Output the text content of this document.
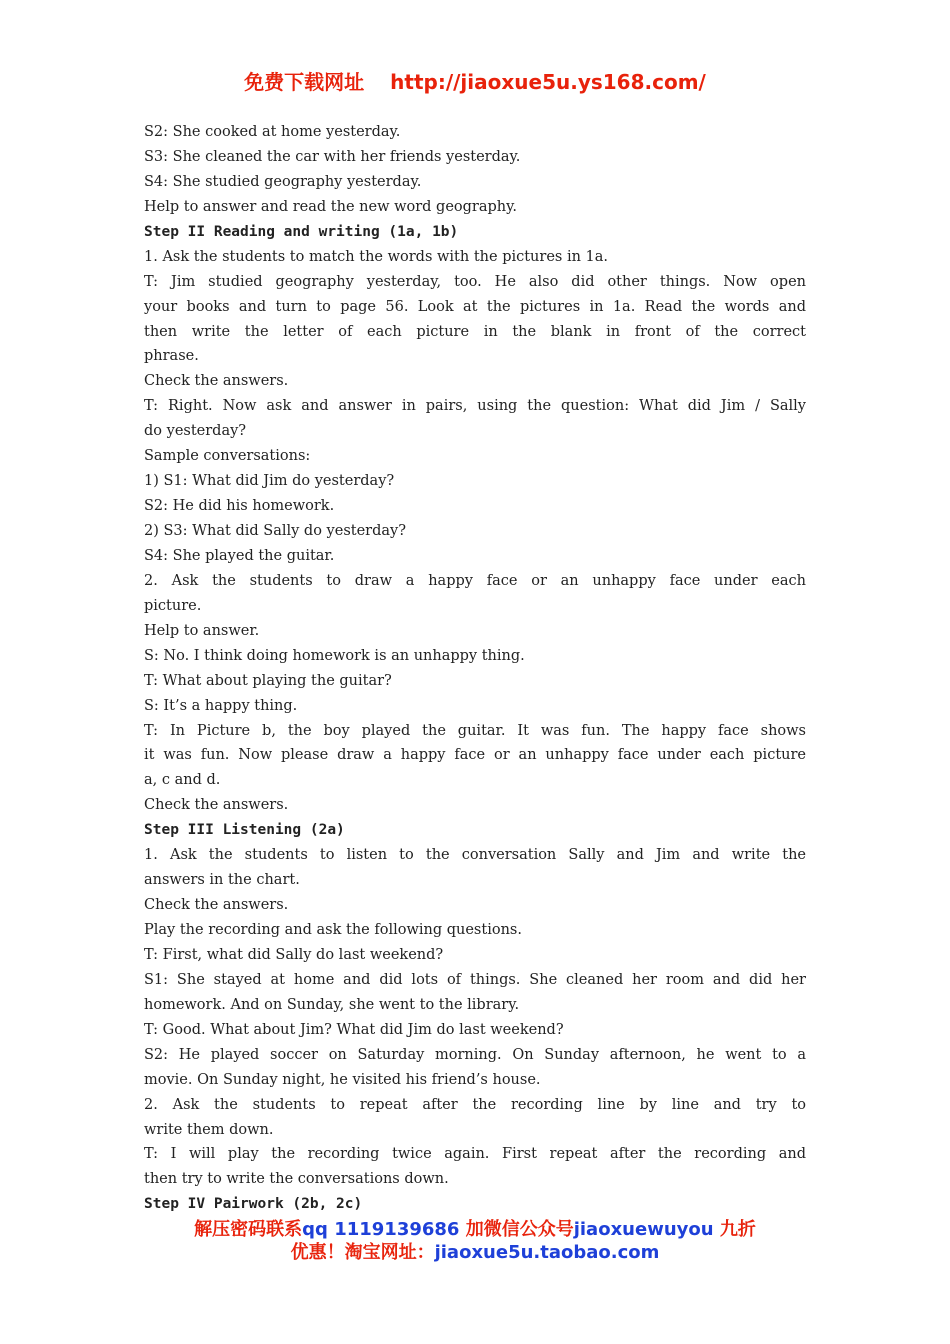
免费下载网址 http://jiaoxue5u.ys168.com/
S2: She cooked at home yesterday.
S3: She cleaned the car with her friends yesterday.
S4: She studied geography yesterday.
Help to answer and read the new word geography.
Step II Reading and writing (1a, 1b)
1. Ask the students to match the words with the pictures in 1a.
T: Jim studied geography yesterday, too. He also did other things. Now open
your books and turn to page 56. Look at the pictures in 1a. Read the words and
then write the letter of each picture in the blank in front of the correct
phrase.
Check the answers.
T: Right. Now ask and answer in pairs, using the question: What did Jim / Sally
do yesterday?
Sample conversations:
1) S1: What did Jim do yesterday?
S2: He did his homework.
2) S3: What did Sally do yesterday?
S4: She played the guitar.
2. Ask the students to draw a happy face or an unhappy face under each
picture.
Help to answer.
S: No. I think doing homework is an unhappy thing.
T: What about playing the guitar?
S: It’s a happy thing.
T: In Picture b, the boy played the guitar. It was fun. The happy face shows
it was fun. Now please draw a happy face or an unhappy face under each picture
a, c and d.
Check the answers.
Step III Listening (2a)
1. Ask the students to listen to the conversation Sally and Jim and write the
answers in the chart.
Check the answers.
Play the recording and ask the following questions.
T: First, what did Sally do last weekend?
S1: She stayed at home and did lots of things. She cleaned her room and did her
homework. And on Sunday, she went to the library.
T: Good. What about Jim? What did Jim do last weekend?
S2: He played soccer on Saturday morning. On Sunday afternoon, he went to a
movie. On Sunday night, he visited his friend’s house.
2. Ask the students to repeat after the recording line by line and try to
write them down.
T: I will play the recording twice again. First repeat after the recording and
then try to write the conversations down.
Step IV Pairwork (2b, 2c)
解压密码联系qq 1119139686 加微信公众号jiaoxuewuyou 九折
优惠！淘宝网址：jiaoxue5u.taobao.com
